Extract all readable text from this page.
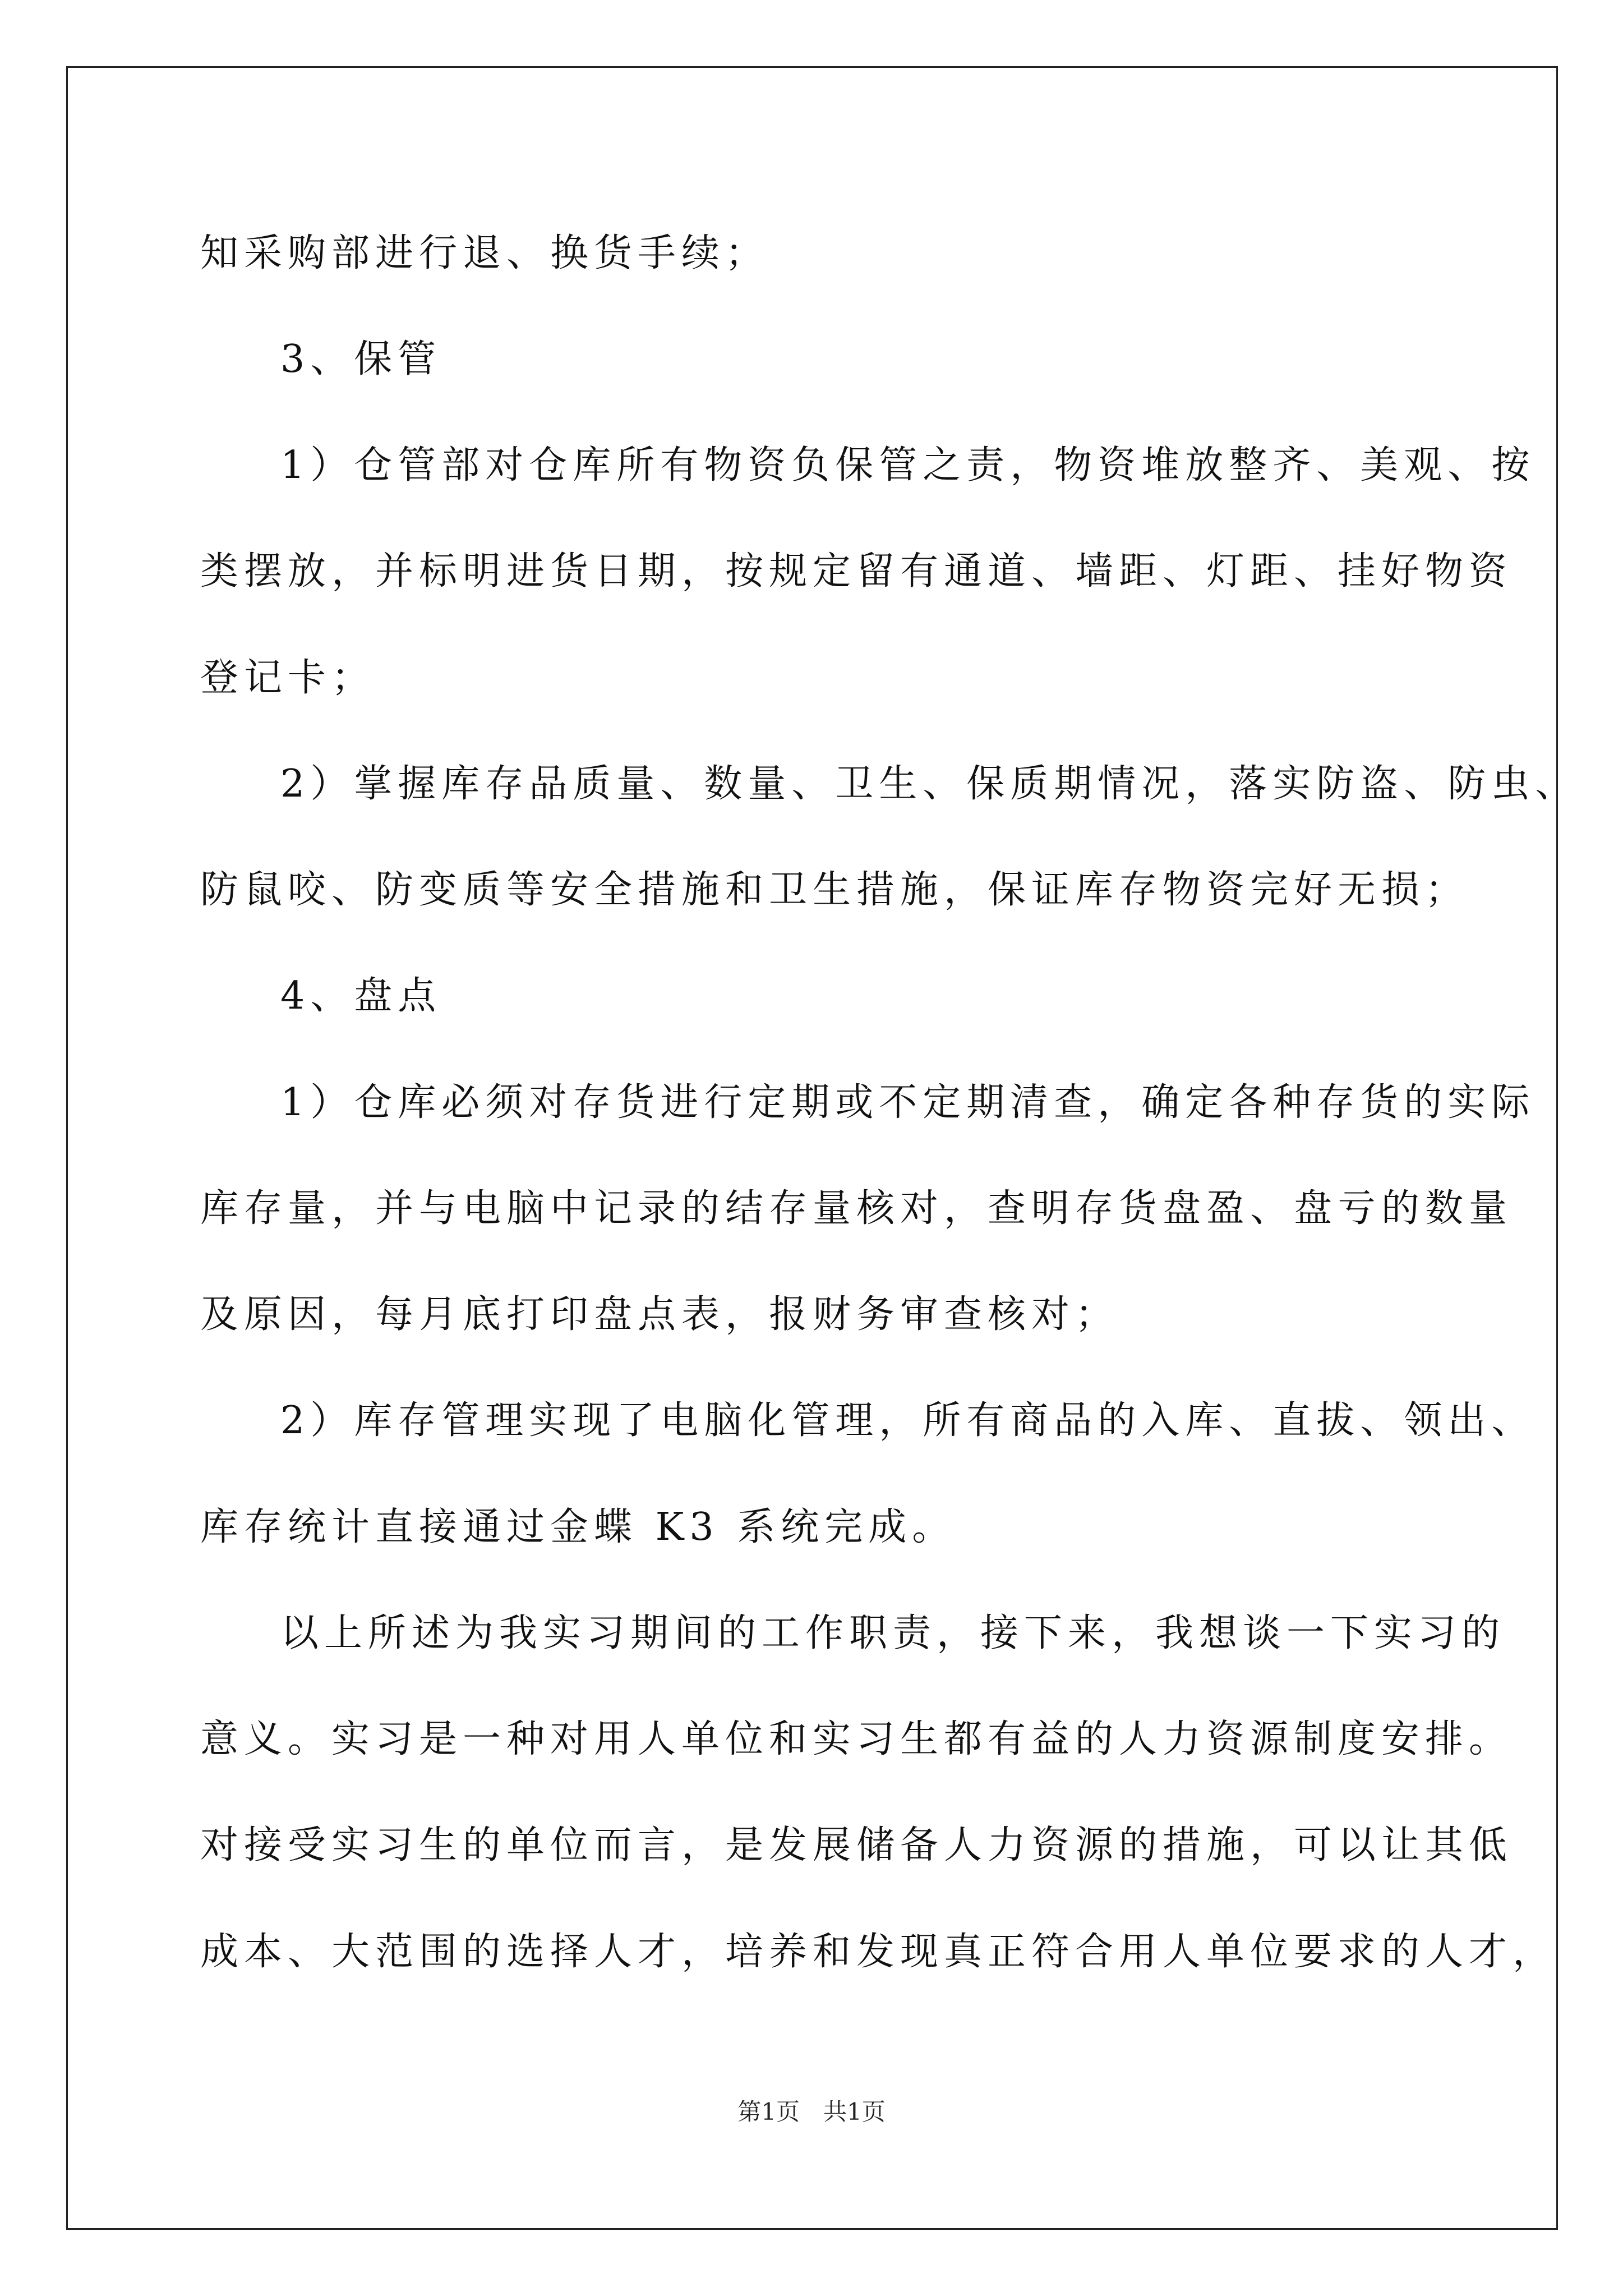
知采购部进行退、换货手续；
3、保管
1）仓管部对仓库所有物资负保管之责，物资堆放整齐、美观、按
类摆放，并标明进货日期，按规定留有通道、墙距、灯距、挂好物资
登记卡；
2）掌握库存品质量、数量、卫生、保质期情况，落实防盗、防虫、
防鼠咬、防变质等安全措施和卫生措施，保证库存物资完好无损；
4、盘点
1）仓库必须对存货进行定期或不定期清查，确定各种存货的实际
库存量，并与电脑中记录的结存量核对，查明存货盘盈、盘亏的数量
及原因，每月底打印盘点表，报财务审查核对；
2）库存管理实现了电脑化管理，所有商品的入库、直拔、领出、
库存统计直接通过金蝶 K3 系统完成。
以上所述为我实习期间的工作职责，接下来，我想谈一下实习的
意义。实习是一种对用人单位和实习生都有益的人力资源制度安排。
对接受实习生的单位而言，是发展储备人力资源的措施，可以让其低
成本、大范围的选择人才，培养和发现真正符合用人单位要求的人才，
第1页　共1页
